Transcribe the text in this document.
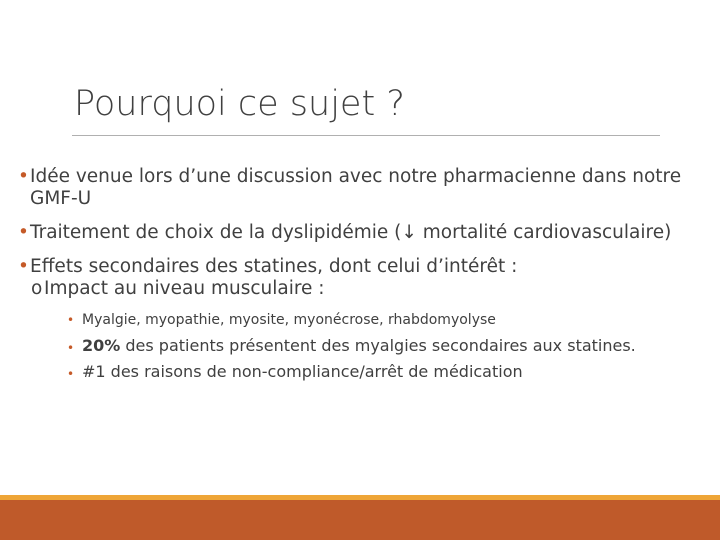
Pourquoi ce sujet ?
• Idée venue lors d’une discussion avec notre pharmacienne dans notre GMF-U
• Traitement de choix de la dyslipidémie (↓ mortalité cardiovasculaire)
• Effets secondaires des statines, dont celui d’intérêt :
o Impact au niveau musculaire :
• Myalgie, myopathie, myosite, myonécrose, rhabdomyolyse
• 20% des patients présentent des myalgies secondaires aux statines.
• #1 des raisons de non-compliance/arrêt de médication
